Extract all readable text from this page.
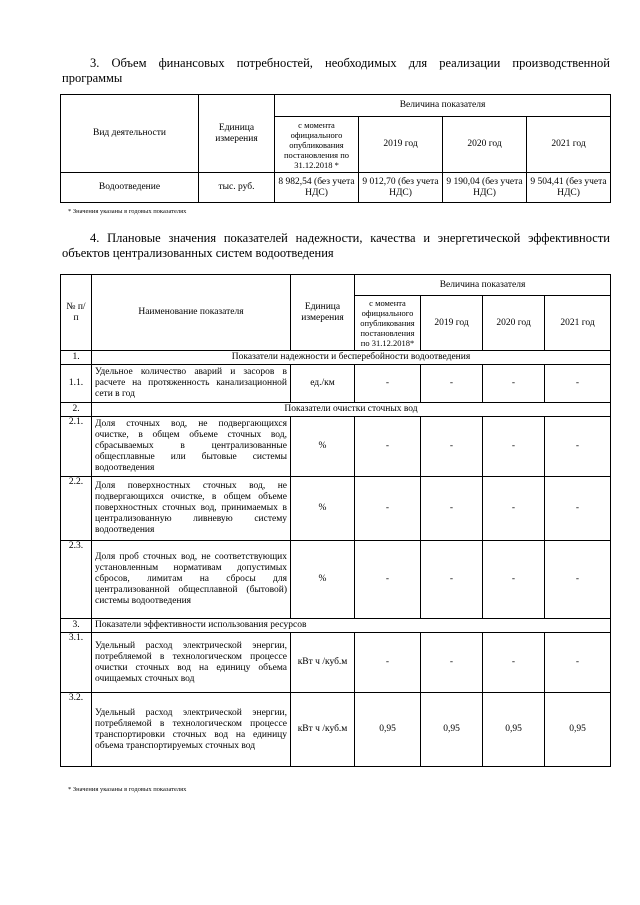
3. Объем финансовых потребностей, необходимых для реализации производственной программы
Вид деятельности	Единица измерения	Величина показателя			
		с момента официального опубликования постановления по 31.12.2018 *	2019 год	2020 год	2021 год
Водоотведение	тыс. руб.	8 982,54 (без учета НДС)	9 012,70 (без учета НДС)	9 190,04 (без учета НДС)	9 504,41 (без учета НДС)
* Значения указаны в годовых показателях
4. Плановые значения показателей надежности, качества и энергетической эффективности объектов централизованных систем водоотведения
№ п/п	Наименование показателя	Единица измерения	Величина показателя			
			с момента официального опубликования постановления по 31.12.2018*	2019 год	2020 год	2021 год
1.	Показатели надежности и бесперебойности водоотведения					
1.1.	Удельное количество аварий и засоров в расчете на протяженность канализационной сети в год	ед./км	-	-	-	-
2.	Показатели очистки сточных вод					
2.1.	Доля сточных вод, не подвергающихся очистке, в общем объеме сточных вод, сбрасываемых в централизованные общесплавные или бытовые системы водоотведения	%	-	-	-	-
2.2.	Доля поверхностных сточных вод, не подвергающихся очистке, в общем объеме поверхностных сточных вод, принимаемых в централизованную ливневую систему водоотведения	%	-	-	-	-
2.3.	Доля проб сточных вод, не соответствующих установленным нормативам допустимых сбросов, лимитам на сбросы для централизованной общесплавной (бытовой) системы водоотведения	%	-	-	-	-
3.	Показатели эффективности использования ресурсов					
3.1.	Удельный расход электрической энергии, потребляемой в технологическом процессе очистки сточных вод на единицу объема очищаемых сточных вод	кВт ч /куб.м	-	-	-	-
3.2.	Удельный расход электрической энергии, потребляемой в технологическом процессе транспортировки сточных вод на единицу объема транспортируемых сточных вод	кВт ч /куб.м	0,95	0,95	0,95	0,95
* Значения указаны в годовых показателях
